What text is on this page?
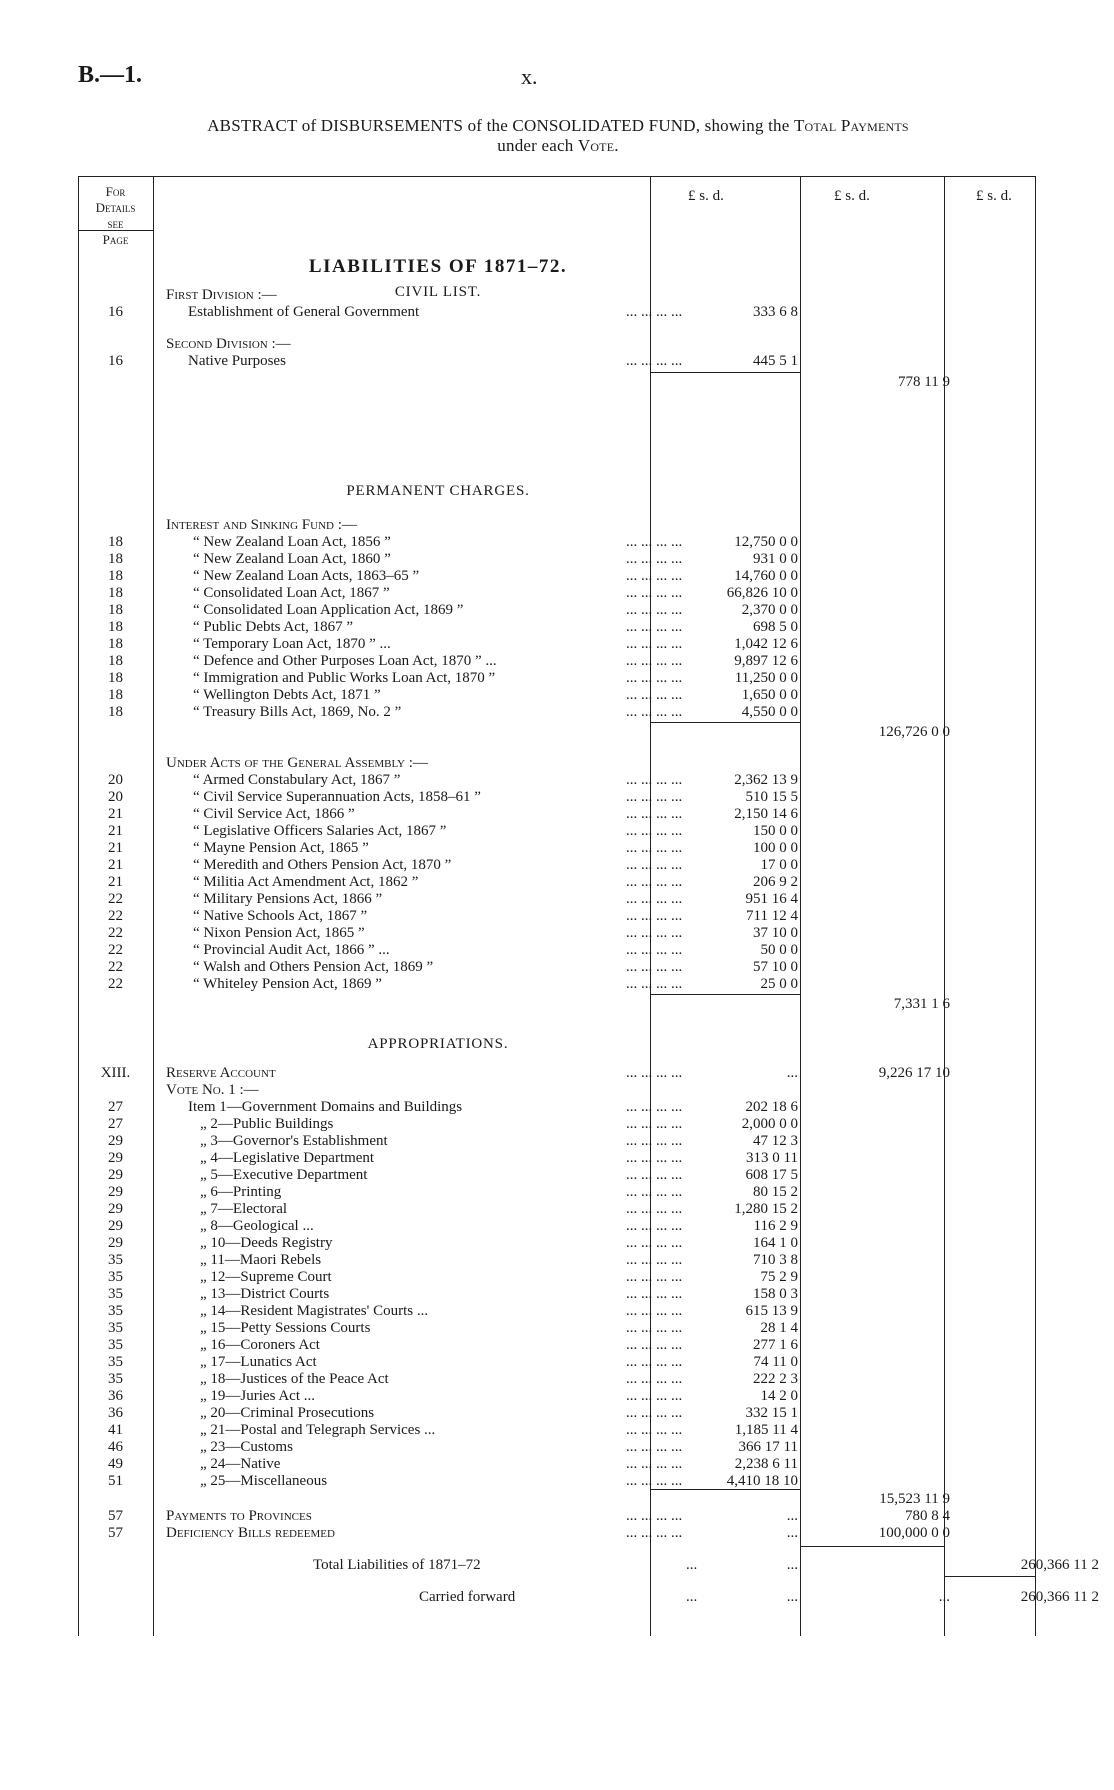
B.—1.	x.
ABSTRACT of DISBURSEMENTS of the CONSOLIDATED FUND, showing the Total Payments
under each Vote.
For
Details
see
Page
£ s. d.	£ s. d.	£ s. d.
LIABILITIES OF 1871–72.
CIVIL LIST.
PERMANENT CHARGES.
APPROPRIATIONS.
First Division :—
16	Establishment of General Government	... ... ... ...	333 6 8
Second Division :—
16	Native Purposes	... ... ... ...	445 5 1
778 11 9
Interest and Sinking Fund :—
18	“ New Zealand Loan Act, 1856 ”	... ... ... ...	12,750 0 0
18	“ New Zealand Loan Act, 1860 ”	... ... ... ...	931 0 0
18	“ New Zealand Loan Acts, 1863–65 ”	... ... ... ...	14,760 0 0
18	“ Consolidated Loan Act, 1867 ”	... ... ... ...	66,826 10 0
18	“ Consolidated Loan Application Act, 1869 ”	... ... ... ...	2,370 0 0
18	“ Public Debts Act, 1867 ”	... ... ... ...	698 5 0
18	“ Temporary Loan Act, 1870 ” ...	... ... ... ...	1,042 12 6
18	“ Defence and Other Purposes Loan Act, 1870 ” ...	... ... ... ...	9,897 12 6
18	“ Immigration and Public Works Loan Act, 1870 ”	... ... ... ...	11,250 0 0
18	“ Wellington Debts Act, 1871 ”	... ... ... ...	1,650 0 0
18	“ Treasury Bills Act, 1869, No. 2 ”	... ... ... ...	4,550 0 0
126,726 0 0
Under Acts of the General Assembly :—
20	“ Armed Constabulary Act, 1867 ”	... ... ... ...	2,362 13 9
20	“ Civil Service Superannuation Acts, 1858–61 ”	... ... ... ...	510 15 5
21	“ Civil Service Act, 1866 ”	... ... ... ...	2,150 14 6
21	“ Legislative Officers Salaries Act, 1867 ”	... ... ... ...	150 0 0
21	“ Mayne Pension Act, 1865 ”	... ... ... ...	100 0 0
21	“ Meredith and Others Pension Act, 1870 ”	... ... ... ...	17 0 0
21	“ Militia Act Amendment Act, 1862 ”	... ... ... ...	206 9 2
22	“ Military Pensions Act, 1866 ”	... ... ... ...	951 16 4
22	“ Native Schools Act, 1867 ”	... ... ... ...	711 12 4
22	“ Nixon Pension Act, 1865 ”	... ... ... ...	37 10 0
22	“ Provincial Audit Act, 1866 ” ...	... ... ... ...	50 0 0
22	“ Walsh and Others Pension Act, 1869 ”	... ... ... ...	57 10 0
22	“ Whiteley Pension Act, 1869 ”	... ... ... ...	25 0 0
7,331 1 6
XIII.	Reserve Account	... ... ... ...	...	9,226 17 10
Vote No. 1 :—
27	Item 1—Government Domains and Buildings	... ... ... ...	202 18 6
27	„ 2—Public Buildings	... ... ... ...	2,000 0 0
29	„ 3—Governor's Establishment	... ... ... ...	47 12 3
29	„ 4—Legislative Department	... ... ... ...	313 0 11
29	„ 5—Executive Department	... ... ... ...	608 17 5
29	„ 6—Printing	... ... ... ...	80 15 2
29	„ 7—Electoral	... ... ... ...	1,280 15 2
29	„ 8—Geological ...	... ... ... ...	116 2 9
29	„ 10—Deeds Registry	... ... ... ...	164 1 0
35	„ 11—Maori Rebels	... ... ... ...	710 3 8
35	„ 12—Supreme Court	... ... ... ...	75 2 9
35	„ 13—District Courts	... ... ... ...	158 0 3
35	„ 14—Resident Magistrates' Courts ...	... ... ... ...	615 13 9
35	„ 15—Petty Sessions Courts	... ... ... ...	28 1 4
35	„ 16—Coroners Act	... ... ... ...	277 1 6
35	„ 17—Lunatics Act	... ... ... ...	74 11 0
35	„ 18—Justices of the Peace Act	... ... ... ...	222 2 3
36	„ 19—Juries Act ...	... ... ... ...	14 2 0
36	„ 20—Criminal Prosecutions	... ... ... ...	332 15 1
41	„ 21—Postal and Telegraph Services ...	... ... ... ...	1,185 11 4
46	„ 23—Customs	... ... ... ...	366 17 11
49	„ 24—Native	... ... ... ...	2,238 6 11
51	„ 25—Miscellaneous	... ... ... ...	4,410 18 10
15,523 11 9
57	Payments to Provinces	... ... ... ...	...	780 8 4
57	Deficiency Bills redeemed	... ... ... ...	...	100,000 0 0
Total Liabilities of 1871–72	...	...	260,366 11 2
Carried forward	...	...	...	260,366 11 2
